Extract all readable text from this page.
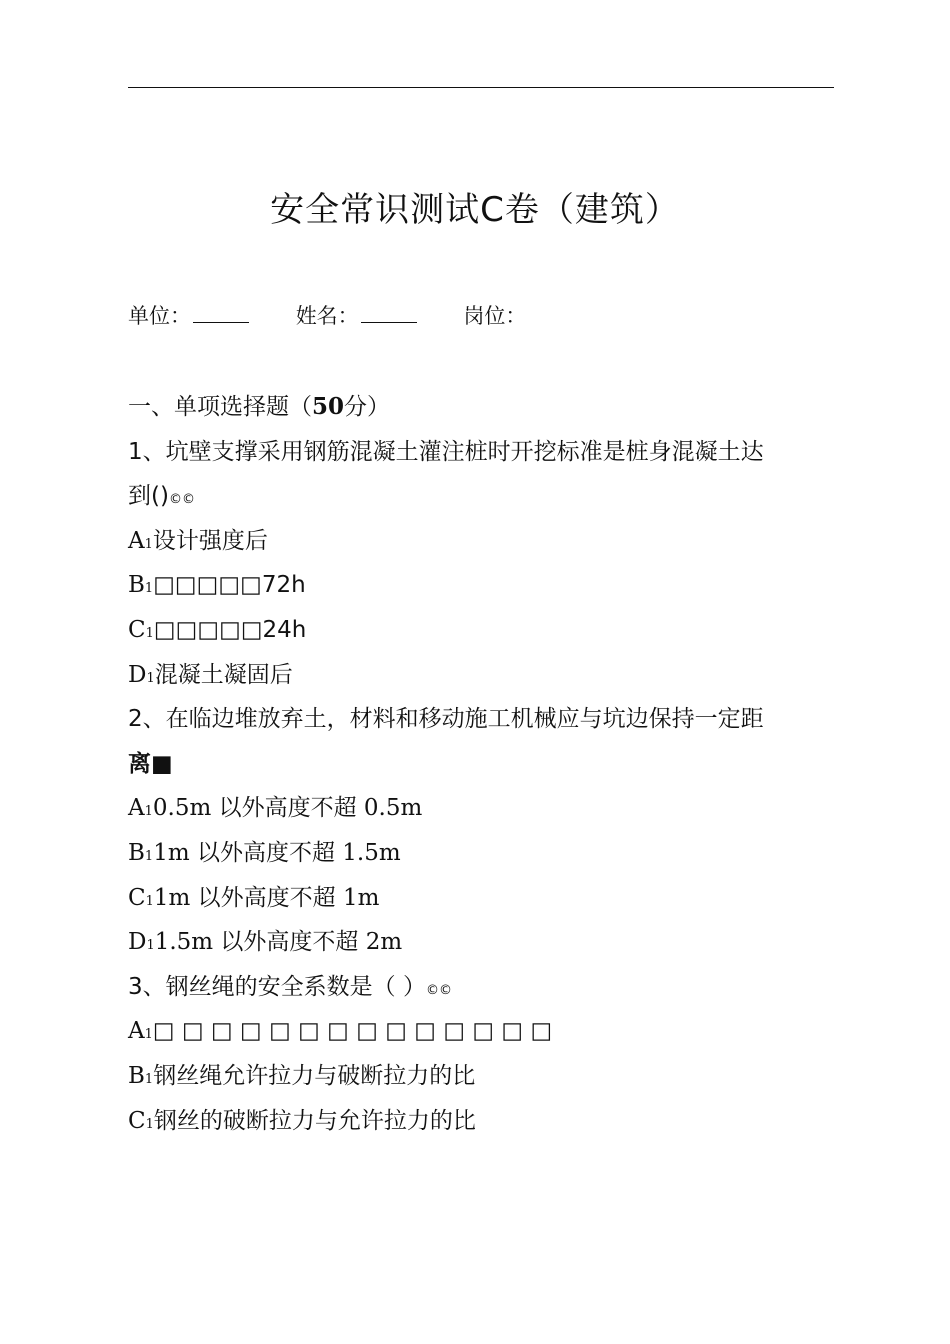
安全常识测试C卷（建筑）
单位：	姓名：	岗位：
一、单项选择题（50分）
1、坑壁支撑采用钢筋混凝土灌注桩时开挖标准是桩身混凝土达
到()©©
A1设计强度后
B1□□□□□72h
C1□□□□□24h
D1混凝土凝固后
2、在临边堆放弃土，材料和移动施工机械应与坑边保持一定距
离■
A10.5m 以外高度不超 0.5m
B11m 以外高度不超 1.5m
C11m 以外高度不超 1m
D11.5m 以外高度不超 2m
3、钢丝绳的安全系数是（ ）©©
A1□ □ □ □ □ □ □ □ □ □ □ □ □ □
B1钢丝绳允许拉力与破断拉力的比
C1钢丝的破断拉力与允许拉力的比
